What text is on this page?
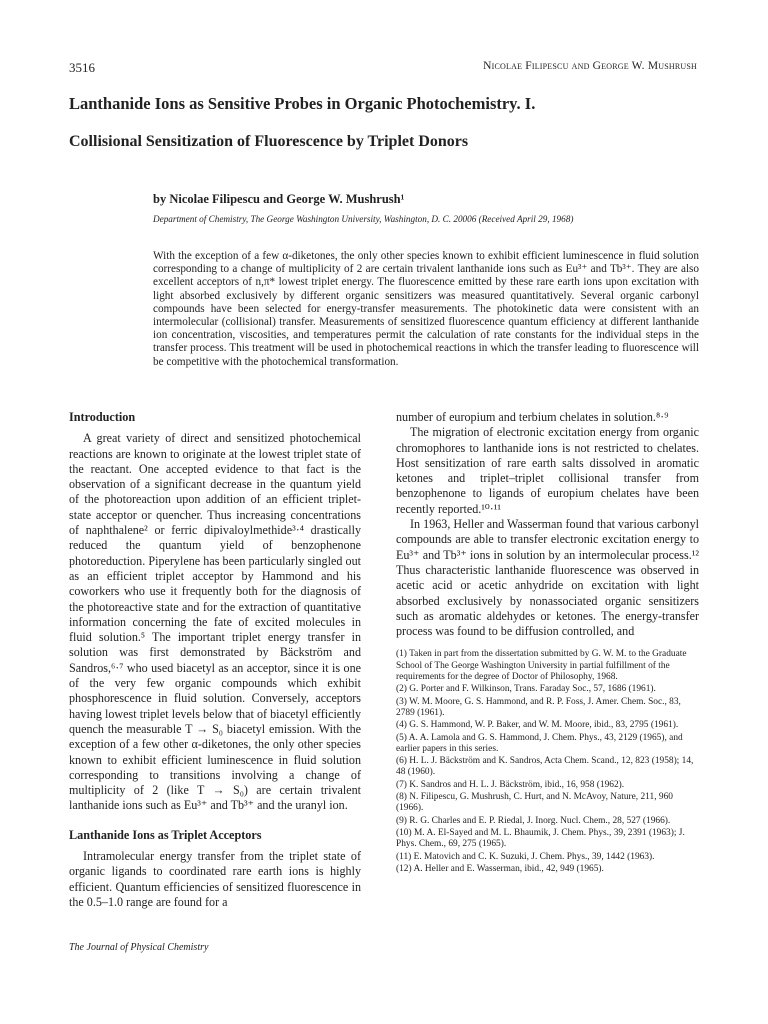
3516	Nicolae Filipescu and George W. Mushrush
Lanthanide Ions as Sensitive Probes in Organic Photochemistry. I.
Collisional Sensitization of Fluorescence by Triplet Donors
by Nicolae Filipescu and George W. Mushrush¹
Department of Chemistry, The George Washington University, Washington, D. C. 20006 (Received April 29, 1968)
With the exception of a few α-diketones, the only other species known to exhibit efficient luminescence in fluid solution corresponding to a change of multiplicity of 2 are certain trivalent lanthanide ions such as Eu³⁺ and Tb³⁺. They are also excellent acceptors of n,π* lowest triplet energy. The fluorescence emitted by these rare earth ions upon excitation with light absorbed exclusively by different organic sensitizers was measured quantitatively. Several organic carbonyl compounds have been selected for energy-transfer measurements. The photokinetic data were consistent with an intermolecular (collisional) transfer. Measurements of sensitized fluorescence quantum efficiency at different lanthanide ion concentration, viscosities, and temperatures permit the calculation of rate constants for the individual steps in the transfer process. This treatment will be used in photochemical reactions in which the transfer leading to fluorescence will be competitive with the photochemical transformation.
Introduction

A great variety of direct and sensitized photochemical reactions are known to originate at the lowest triplet state of the reactant. One accepted evidence to that fact is the observation of a significant decrease in the quantum yield of the photoreaction upon addition of an efficient triplet-state acceptor or quencher. Thus increasing concentrations of naphthalene² or ferric dipivaloylmethide³·⁴ drastically reduced the quantum yield of benzophenone photoreduction. Piperylene has been particularly singled out as an efficient triplet acceptor by Hammond and his coworkers who use it frequently both for the diagnosis of the photoreactive state and for the extraction of quantitative information concerning the fate of excited molecules in fluid solution.⁵ The important triplet energy transfer in solution was first demonstrated by Bäckström and Sandros,⁶·⁷ who used biacetyl as an acceptor, since it is one of the very few organic compounds which exhibit phosphorescence in fluid solution. Conversely, acceptors having lowest triplet levels below that of biacetyl efficiently quench the measurable T → S₀ biacetyl emission. With the exception of a few other α-diketones, the only other species known to exhibit efficient luminescence in fluid solution corresponding to transitions involving a change of multiplicity of 2 (like T → S₀) are certain trivalent lanthanide ions such as Eu³⁺ and Tb³⁺ and the uranyl ion.

Lanthanide Ions as Triplet Acceptors

Intramolecular energy transfer from the triplet state of organic ligands to coordinated rare earth ions is highly efficient. Quantum efficiencies of sensitized fluorescence in the 0.5–1.0 range are found for a

number of europium and terbium chelates in solution.⁸·⁹

The migration of electronic excitation energy from organic chromophores to lanthanide ions is not restricted to chelates. Host sensitization of rare earth salts dissolved in aromatic ketones and triplet–triplet collisional transfer from benzophenone to ligands of europium chelates have been recently reported.¹⁰·¹¹

In 1963, Heller and Wasserman found that various carbonyl compounds are able to transfer electronic excitation energy to Eu³⁺ and Tb³⁺ ions in solution by an intermolecular process.¹² Thus characteristic lanthanide fluorescence was observed in acetic acid or acetic anhydride on excitation with light absorbed exclusively by nonassociated organic sensitizers such as aromatic aldehydes or ketones. The energy-transfer process was found to be diffusion controlled, and

(1) Taken in part from the dissertation submitted by G. W. M. to the Graduate School of The George Washington University in partial fulfillment of the requirements for the degree of Doctor of Philosophy, 1968.
(2) G. Porter and F. Wilkinson, Trans. Faraday Soc., 57, 1686 (1961).
(3) W. M. Moore, G. S. Hammond, and R. P. Foss, J. Amer. Chem. Soc., 83, 2789 (1961).
(4) G. S. Hammond, W. P. Baker, and W. M. Moore, ibid., 83, 2795 (1961).
(5) A. A. Lamola and G. S. Hammond, J. Chem. Phys., 43, 2129 (1965), and earlier papers in this series.
(6) H. L. J. Bäckström and K. Sandros, Acta Chem. Scand., 12, 823 (1958); 14, 48 (1960).
(7) K. Sandros and H. L. J. Bäckström, ibid., 16, 958 (1962).
(8) N. Filipescu, G. Mushrush, C. Hurt, and N. McAvoy, Nature, 211, 960 (1966).
(9) R. G. Charles and E. P. Riedal, J. Inorg. Nucl. Chem., 28, 527 (1966).
(10) M. A. El-Sayed and M. L. Bhaumik, J. Chem. Phys., 39, 2391 (1963); J. Phys. Chem., 69, 275 (1965).
(11) E. Matovich and C. K. Suzuki, J. Chem. Phys., 39, 1442 (1963).
(12) A. Heller and E. Wasserman, ibid., 42, 949 (1965).
The Journal of Physical Chemistry
